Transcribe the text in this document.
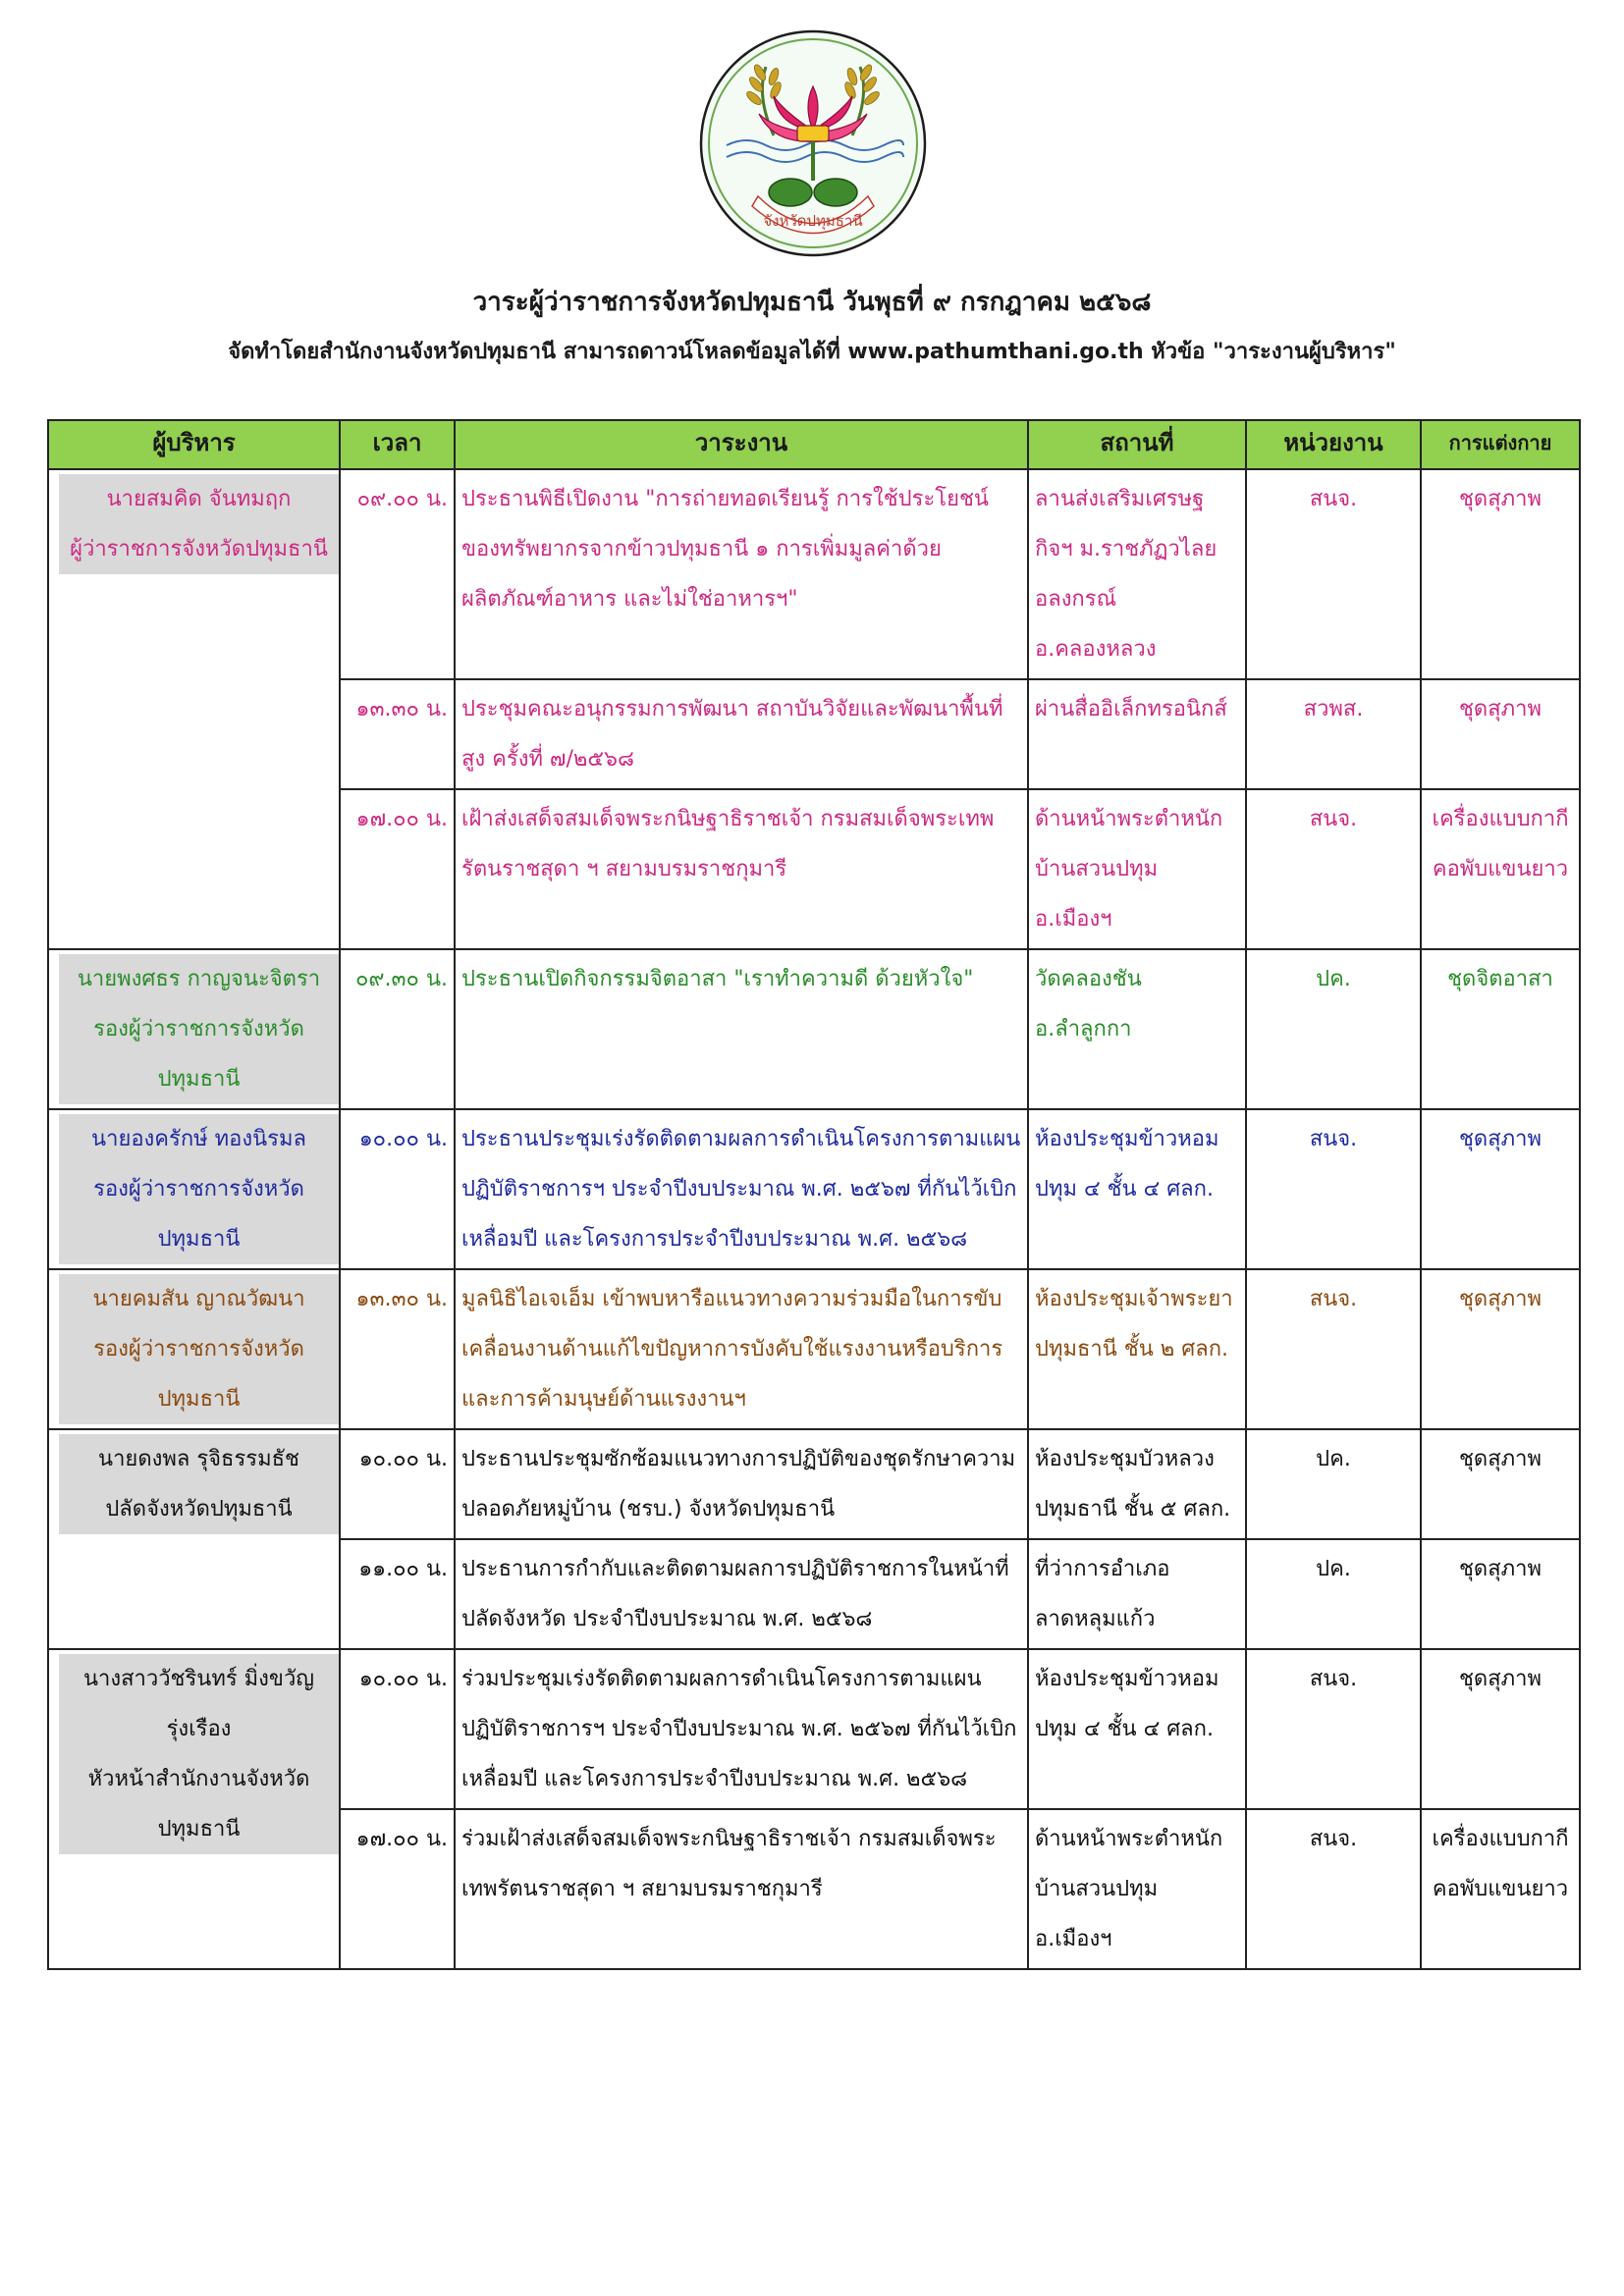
จังหวัดปทุมธานี
วาระผู้ว่าราชการจังหวัดปทุมธานี วันพุธที่ ๙ กรกฎาคม ๒๕๖๘
จัดทำโดยสำนักงานจังหวัดปทุมธานี สามารถดาวน์โหลดข้อมูลได้ที่ www.pathumthani.go.th หัวข้อ "วาระงานผู้บริหาร"
ผู้บริหาร	เวลา	วาระงาน	สถานที่	หน่วยงาน	การแต่งกาย

นายสมคิด จันทมฤก
ผู้ว่าราชการจังหวัดปทุมธานี	๐๙.๐๐ น.	ประธานพิธีเปิดงาน "การถ่ายทอดเรียนรู้ การใช้ประโยชน์ของทรัพยากรจากข้าวปทุมธานี ๑ การเพิ่มมูลค่าด้วยผลิตภัณฑ์อาหาร และไม่ใช่อาหารฯ"	ลานส่งเสริมเศรษฐกิจฯ ม.ราชภัฏวไลยอลงกรณ์ อ.คลองหลวง	สนจ.	ชุดสุภาพ
	๑๓.๓๐ น.	ประชุมคณะอนุกรรมการพัฒนา สถาบันวิจัยและพัฒนาพื้นที่สูง ครั้งที่ ๗/๒๕๖๘	ผ่านสื่ออิเล็กทรอนิกส์	สวพส.	ชุดสุภาพ
	๑๗.๐๐ น.	เฝ้าส่งเสด็จสมเด็จพระกนิษฐาธิราชเจ้า กรมสมเด็จพระเทพรัตนราชสุดา ฯ สยามบรมราชกุมารี	ด้านหน้าพระตำหนักบ้านสวนปทุม อ.เมืองฯ	สนจ.	เครื่องแบบกากีคอพับแขนยาว

นายพงศธร กาญจนะจิตรา
รองผู้ว่าราชการจังหวัดปทุมธานี	๐๙.๓๐ น.	ประธานเปิดกิจกรรมจิตอาสา "เราทำความดี ด้วยหัวใจ"	วัดคลองชัน อ.ลำลูกกา	ปค.	ชุดจิตอาสา

นายองครักษ์ ทองนิรมล
รองผู้ว่าราชการจังหวัดปทุมธานี	๑๐.๐๐ น.	ประธานประชุมเร่งรัดติดตามผลการดำเนินโครงการตามแผนปฏิบัติราชการฯ ประจำปีงบประมาณ พ.ศ. ๒๕๖๗ ที่กันไว้เบิกเหลื่อมปี และโครงการประจำปีงบประมาณ พ.ศ. ๒๕๖๘	ห้องประชุมข้าวหอมปทุม ๔ ชั้น ๔ ศลก.	สนจ.	ชุดสุภาพ

นายคมสัน ญาณวัฒนา
รองผู้ว่าราชการจังหวัดปทุมธานี	๑๓.๓๐ น.	มูลนิธิไอเจเอ็ม เข้าพบหารือแนวทางความร่วมมือในการขับเคลื่อนงานด้านแก้ไขปัญหาการบังคับใช้แรงงานหรือบริการ และการค้ามนุษย์ด้านแรงงานฯ	ห้องประชุมเจ้าพระยาปทุมธานี ชั้น ๒ ศลก.	สนจ.	ชุดสุภาพ

นายดงพล รุจิธรรมธัช
ปลัดจังหวัดปทุมธานี	๑๐.๐๐ น.	ประธานประชุมซักซ้อมแนวทางการปฏิบัติของชุดรักษาความปลอดภัยหมู่บ้าน (ชรบ.) จังหวัดปทุมธานี	ห้องประชุมบัวหลวงปทุมธานี ชั้น ๕ ศลก.	ปค.	ชุดสุภาพ
	๑๑.๐๐ น.	ประธานการกำกับและติดตามผลการปฏิบัติราชการในหน้าที่ปลัดจังหวัด ประจำปีงบประมาณ พ.ศ. ๒๕๖๘	ที่ว่าการอำเภอลาดหลุมแก้ว	ปค.	ชุดสุภาพ

นางสาววัชรินทร์ มิ่งขวัญรุ่งเรือง
หัวหน้าสำนักงานจังหวัดปทุมธานี	๑๐.๐๐ น.	ร่วมประชุมเร่งรัดติดตามผลการดำเนินโครงการตามแผนปฏิบัติราชการฯ ประจำปีงบประมาณ พ.ศ. ๒๕๖๗ ที่กันไว้เบิกเหลื่อมปี และโครงการประจำปีงบประมาณ พ.ศ. ๒๕๖๘	ห้องประชุมข้าวหอมปทุม ๔ ชั้น ๔ ศลก.	สนจ.	ชุดสุภาพ
	๑๗.๐๐ น.	ร่วมเฝ้าส่งเสด็จสมเด็จพระกนิษฐาธิราชเจ้า กรมสมเด็จพระเทพรัตนราชสุดา ฯ สยามบรมราชกุมารี	ด้านหน้าพระตำหนักบ้านสวนปทุม อ.เมืองฯ	สนจ.	เครื่องแบบกากีคอพับแขนยาว
